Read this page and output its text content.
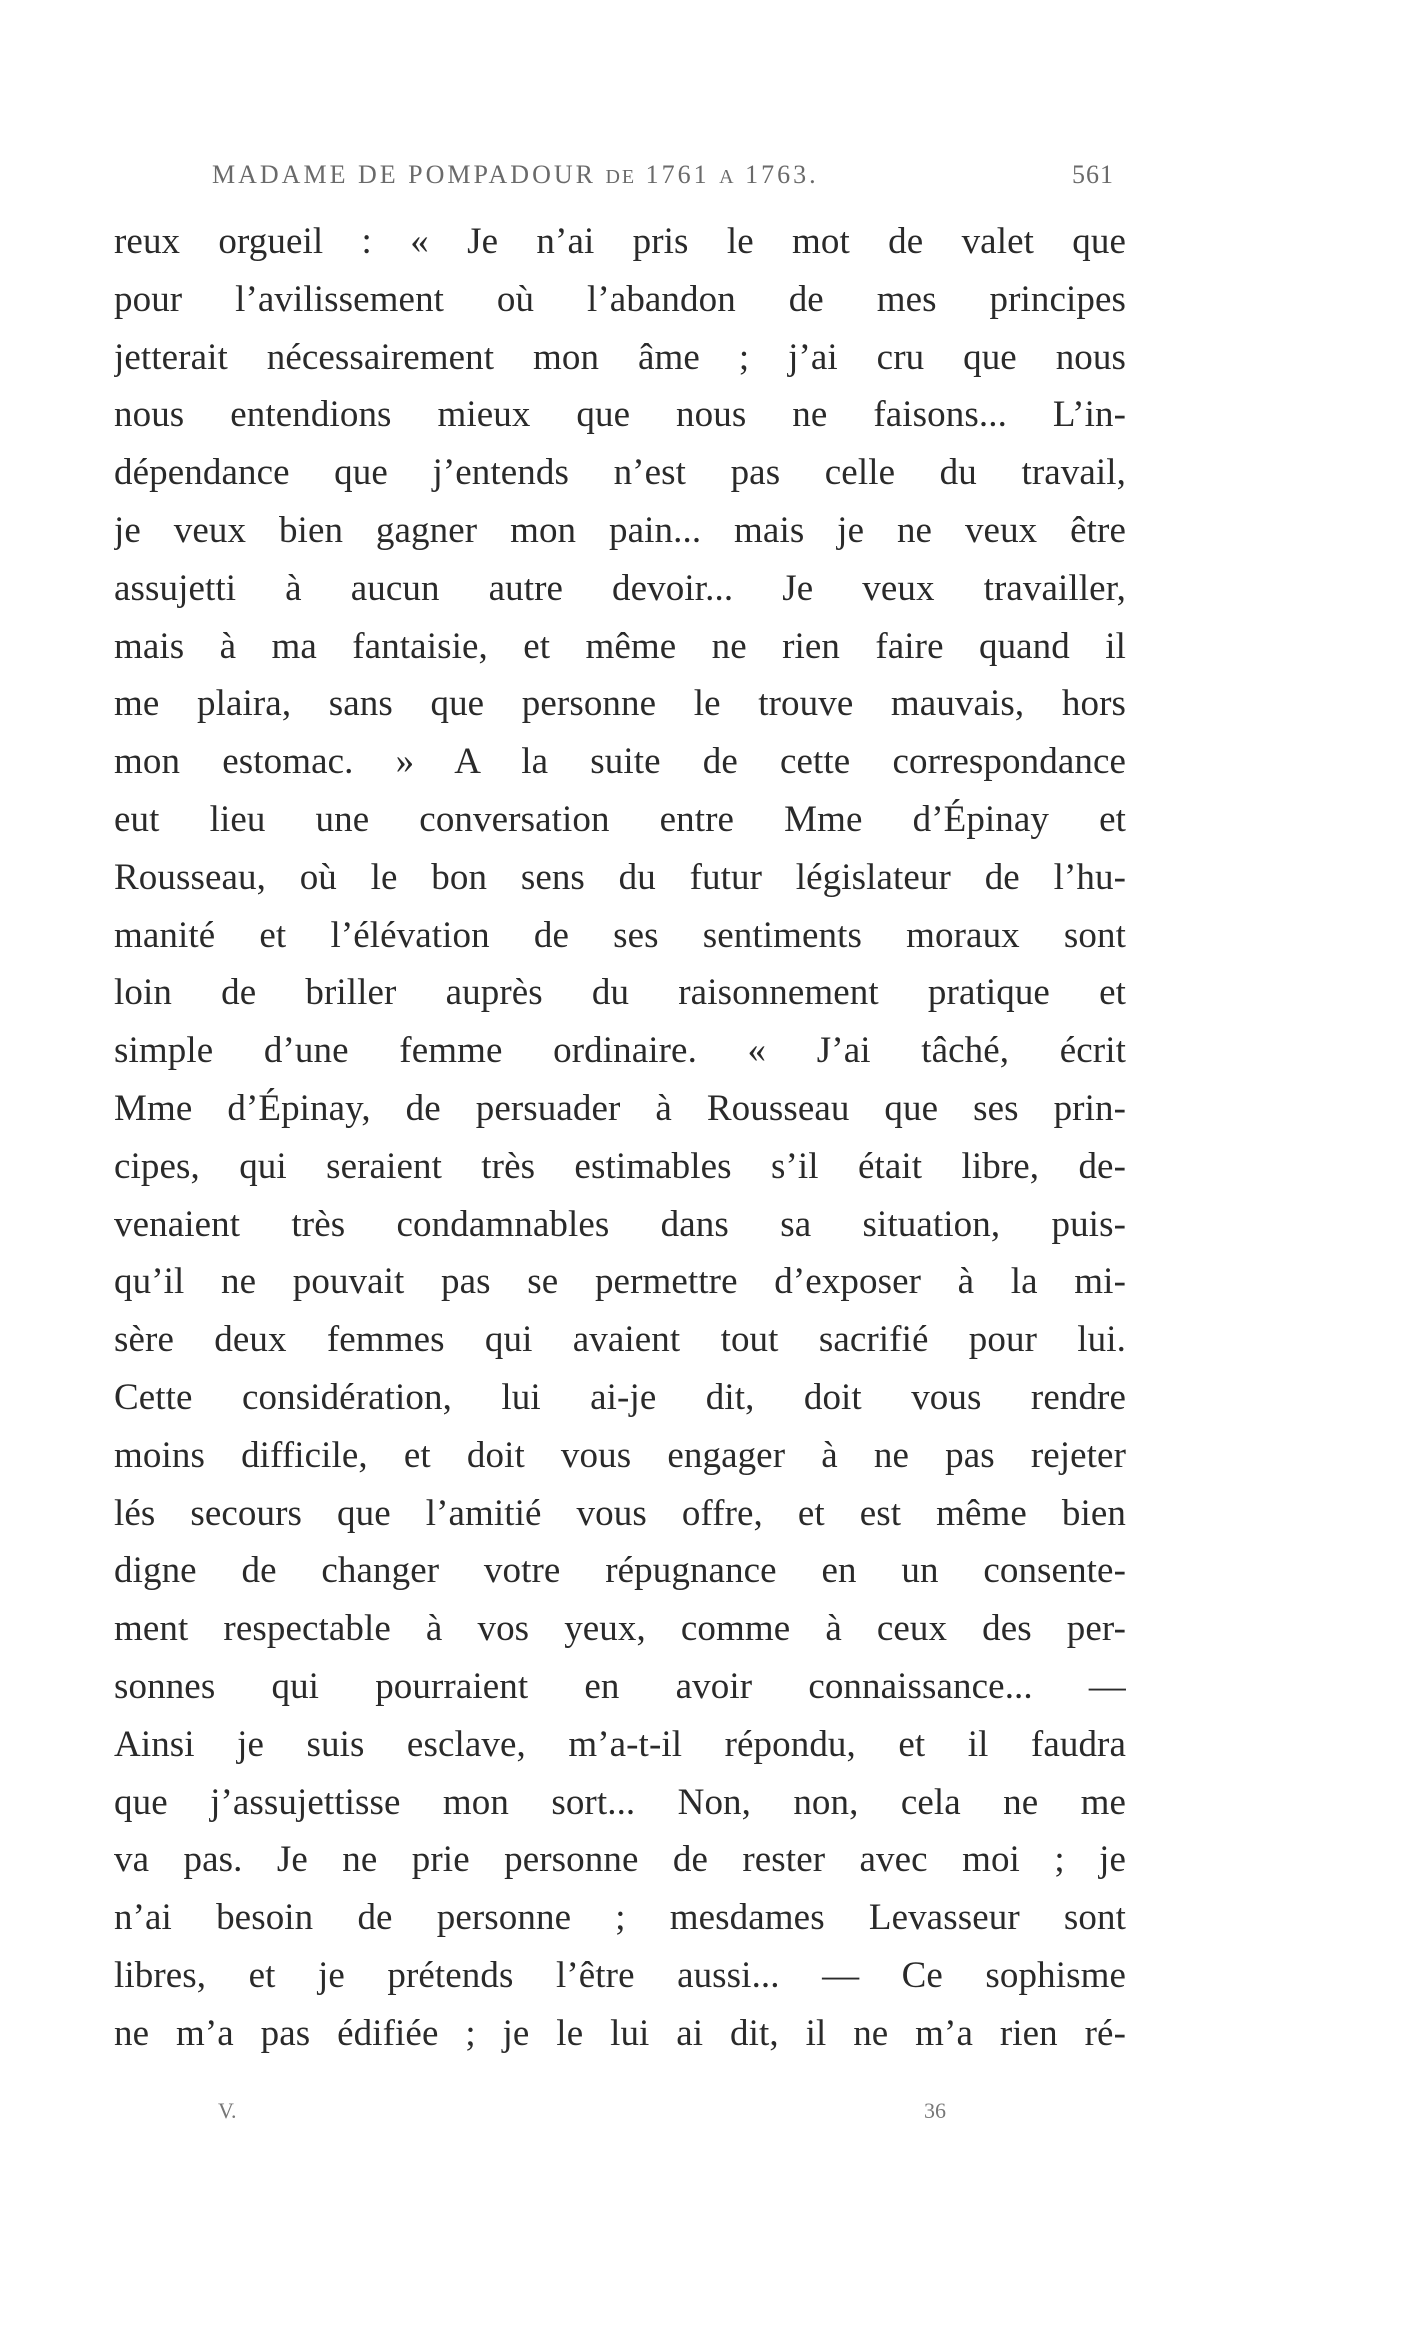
MADAME DE POMPADOUR DE 1761 A 1763.	561
reux orgueil : « Je n’ai pris le mot de valet que
pour l’avilissement où l’abandon de mes principes
jetterait nécessairement mon âme ; j’ai cru que nous
nous entendions mieux que nous ne faisons... L’in-
dépendance que j’entends n’est pas celle du travail,
je veux bien gagner mon pain... mais je ne veux être
assujetti à aucun autre devoir... Je veux travailler,
mais à ma fantaisie, et même ne rien faire quand il
me plaira, sans que personne le trouve mauvais, hors
mon estomac. » A la suite de cette correspondance
eut lieu une conversation entre Mme d’Épinay et
Rousseau, où le bon sens du futur législateur de l’hu-
manité et l’élévation de ses sentiments moraux sont
loin de briller auprès du raisonnement pratique et
simple d’une femme ordinaire. « J’ai tâché, écrit
Mme d’Épinay, de persuader à Rousseau que ses prin-
cipes, qui seraient très estimables s’il était libre, de-
venaient très condamnables dans sa situation, puis-
qu’il ne pouvait pas se permettre d’exposer à la mi-
sère deux femmes qui avaient tout sacrifié pour lui.
Cette considération, lui ai-je dit, doit vous rendre
moins difficile, et doit vous engager à ne pas rejeter
lés secours que l’amitié vous offre, et est même bien
digne de changer votre répugnance en un consente-
ment respectable à vos yeux, comme à ceux des per-
sonnes qui pourraient en avoir connaissance... —
Ainsi je suis esclave, m’a-t-il répondu, et il faudra
que j’assujettisse mon sort... Non, non, cela ne me
va pas. Je ne prie personne de rester avec moi ; je
n’ai besoin de personne ; mesdames Levasseur sont
libres, et je prétends l’être aussi... — Ce sophisme
ne m’a pas édifiée ; je le lui ai dit, il ne m’a rien ré-
V.	36
